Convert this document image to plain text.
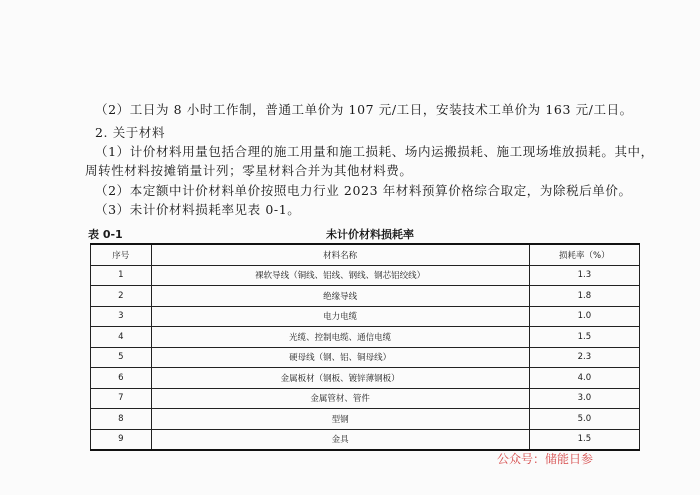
（2）工日为 8 小时工作制，普通工单价为 107 元/工日，安装技术工单价为 163 元/工日。
2. 关于材料
（1）计价材料用量包括合理的施工用量和施工损耗、场内运搬损耗、施工现场堆放损耗。其中，
周转性材料按摊销量计列；零星材料合并为其他材料费。
（2）本定额中计价材料单价按照电力行业 2023 年材料预算价格综合取定，为除税后单价。
（3）未计价材料损耗率见表 0-1。
表 0-1	未计价材料损耗率
序号	材料名称	损耗率（%）
1	裸软导线（铜线、铝线、钢线、钢芯铝绞线）	1.3
2	绝缘导线	1.8
3	电力电缆	1.0
4	光缆、控制电缆、通信电缆	1.5
5	硬母线（钢、铝、铜母线）	2.3
6	金属板材（钢板、镀锌薄钢板）	4.0
7	金属管材、管件	3.0
8	型钢	5.0
9	金具	1.5
公众号：储能日参
